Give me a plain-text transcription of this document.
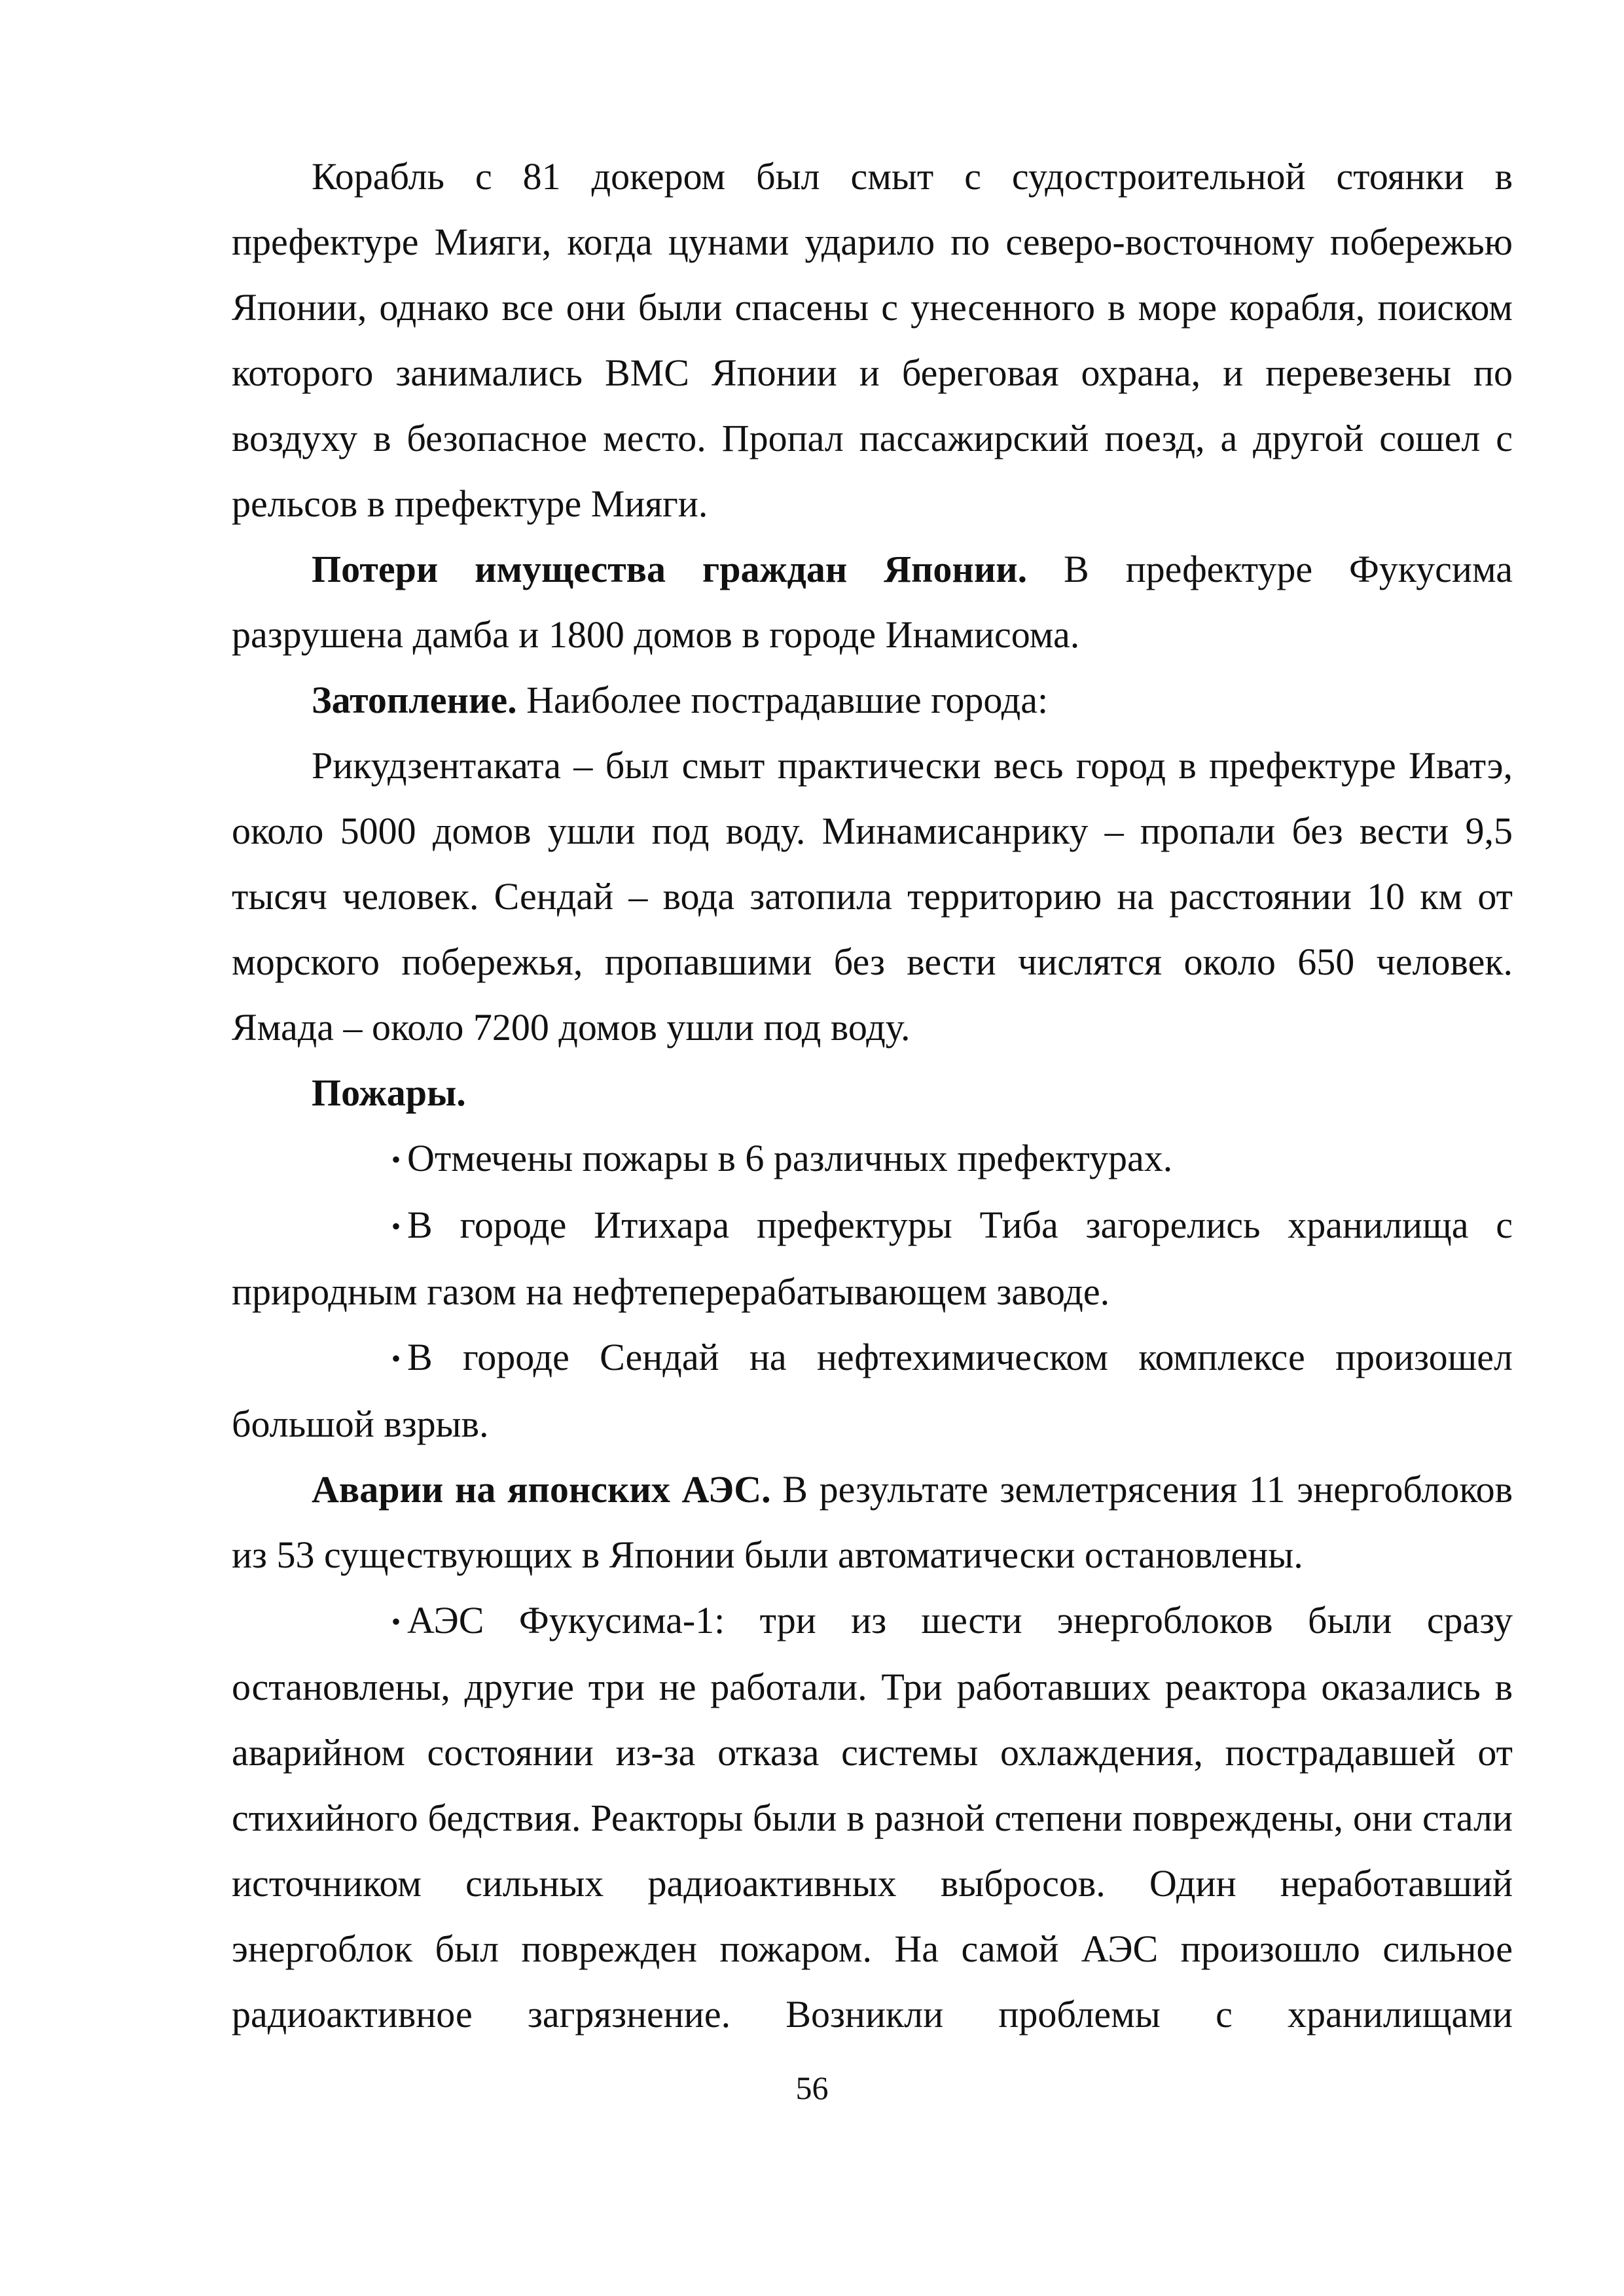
Корабль с 81 докером был смыт с судостроительной стоянки в префектуре Мияги, когда цунами ударило по северо-восточному побережью Японии, однако все они были спасены с унесенного в море корабля, поиском которого занимались ВМС Японии и береговая охрана, и перевезены по воздуху в безопасное место. Пропал пассажирский поезд, а другой сошел с рельсов в префектуре Мияги.

Потери имущества граждан Японии. В префектуре Фукусима разрушена дамба и 1800 домов в городе Инамисома.

Затопление. Наиболее пострадавшие города:

Рикудзентаката – был смыт практически весь город в префектуре Иватэ, около 5000 домов ушли под воду. Минамисанрику – пропали без вести 9,5 тысяч человек. Сендай – вода затопила территорию на расстоянии 10 км от морского побережья, пропавшими без вести числятся около 650 человек. Ямада – около 7200 домов ушли под воду.

Пожары.

• Отмечены пожары в 6 различных префектурах.

• В городе Итихара префектуры Тиба загорелись хранилища с природным газом на нефтеперерабатывающем заводе.

• В городе Сендай на нефтехимическом комплексе произошел большой взрыв.

Аварии на японских АЭС. В результате землетрясения 11 энергоблоков из 53 существующих в Японии были автоматически остановлены.

• АЭС Фукусима-1: три из шести энергоблоков были сразу остановлены, другие три не работали. Три работавших реактора оказались в аварийном состоянии из-за отказа системы охлаждения, пострадавшей от стихийного бедствия. Реакторы были в разной степени повреждены, они стали источником сильных радиоактивных выбросов. Один неработавший энергоблок был поврежден пожаром. На самой АЭС произошло сильное радиоактивное загрязнение. Возникли проблемы с хранилищами

56
